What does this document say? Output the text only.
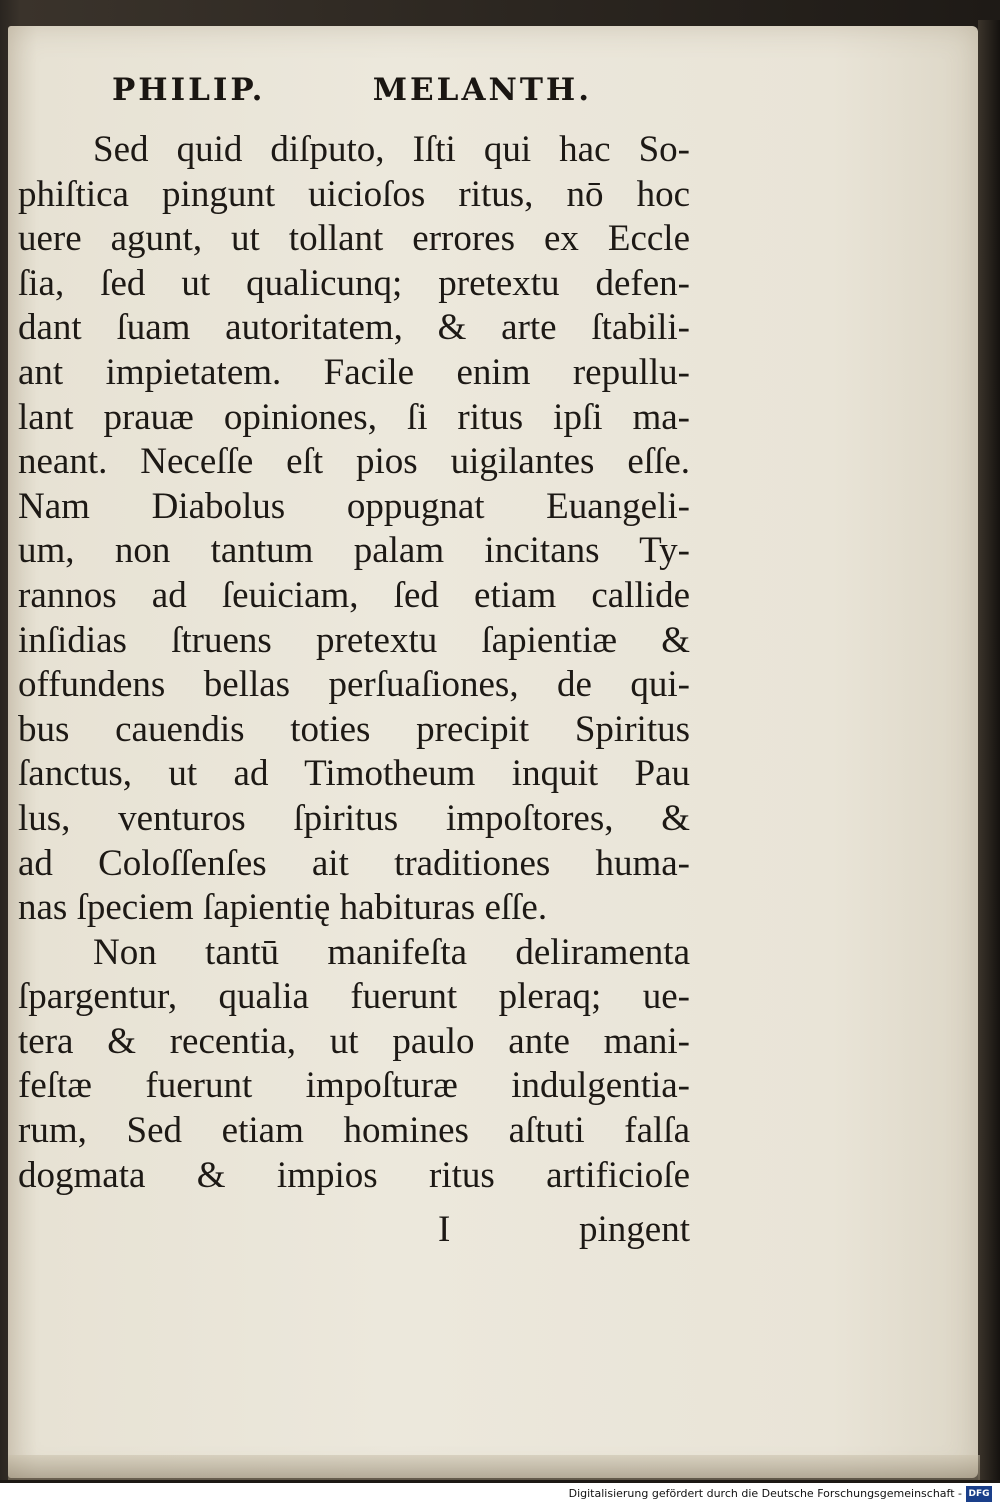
PHILIP.	MELANTH.
Sed quid diſputo, Iſti qui hac So-
phiſtica pingunt uicioſos ritus, nō hoc
uere agunt, ut tollant errores ex Eccle
ſia, ſed ut qualicunq; pretextu defen-
dant ſuam autoritatem, & arte ſtabili-
ant impietatem. Facile enim repullu-
lant prauæ opiniones, ſi ritus ipſi ma-
neant. Neceſſe eſt pios uigilantes eſſe.
Nam Diabolus oppugnat Euangeli-
um, non tantum palam incitans Ty-
rannos ad ſeuiciam, ſed etiam callide
inſidias ſtruens pretextu ſapientiæ &
offundens bellas perſuaſiones, de qui-
bus cauendis toties precipit Spiritus
ſanctus, ut ad Timotheum inquit Pau
lus, venturos ſpiritus impoſtores, &
ad Coloſſenſes ait traditiones huma-
nas ſpeciem ſapientię habituras eſſe.
Non tantū manifeſta deliramenta
ſpargentur, qualia fuerunt pleraq; ue-
tera & recentia, ut paulo ante mani-
feſtæ fuerunt impoſturæ indulgentia-
rum, Sed etiam homines aſtuti falſa
dogmata & impios ritus artificioſe
I	pingent
Digitalisierung gefördert durch die Deutsche Forschungsgemeinschaft - DFG
